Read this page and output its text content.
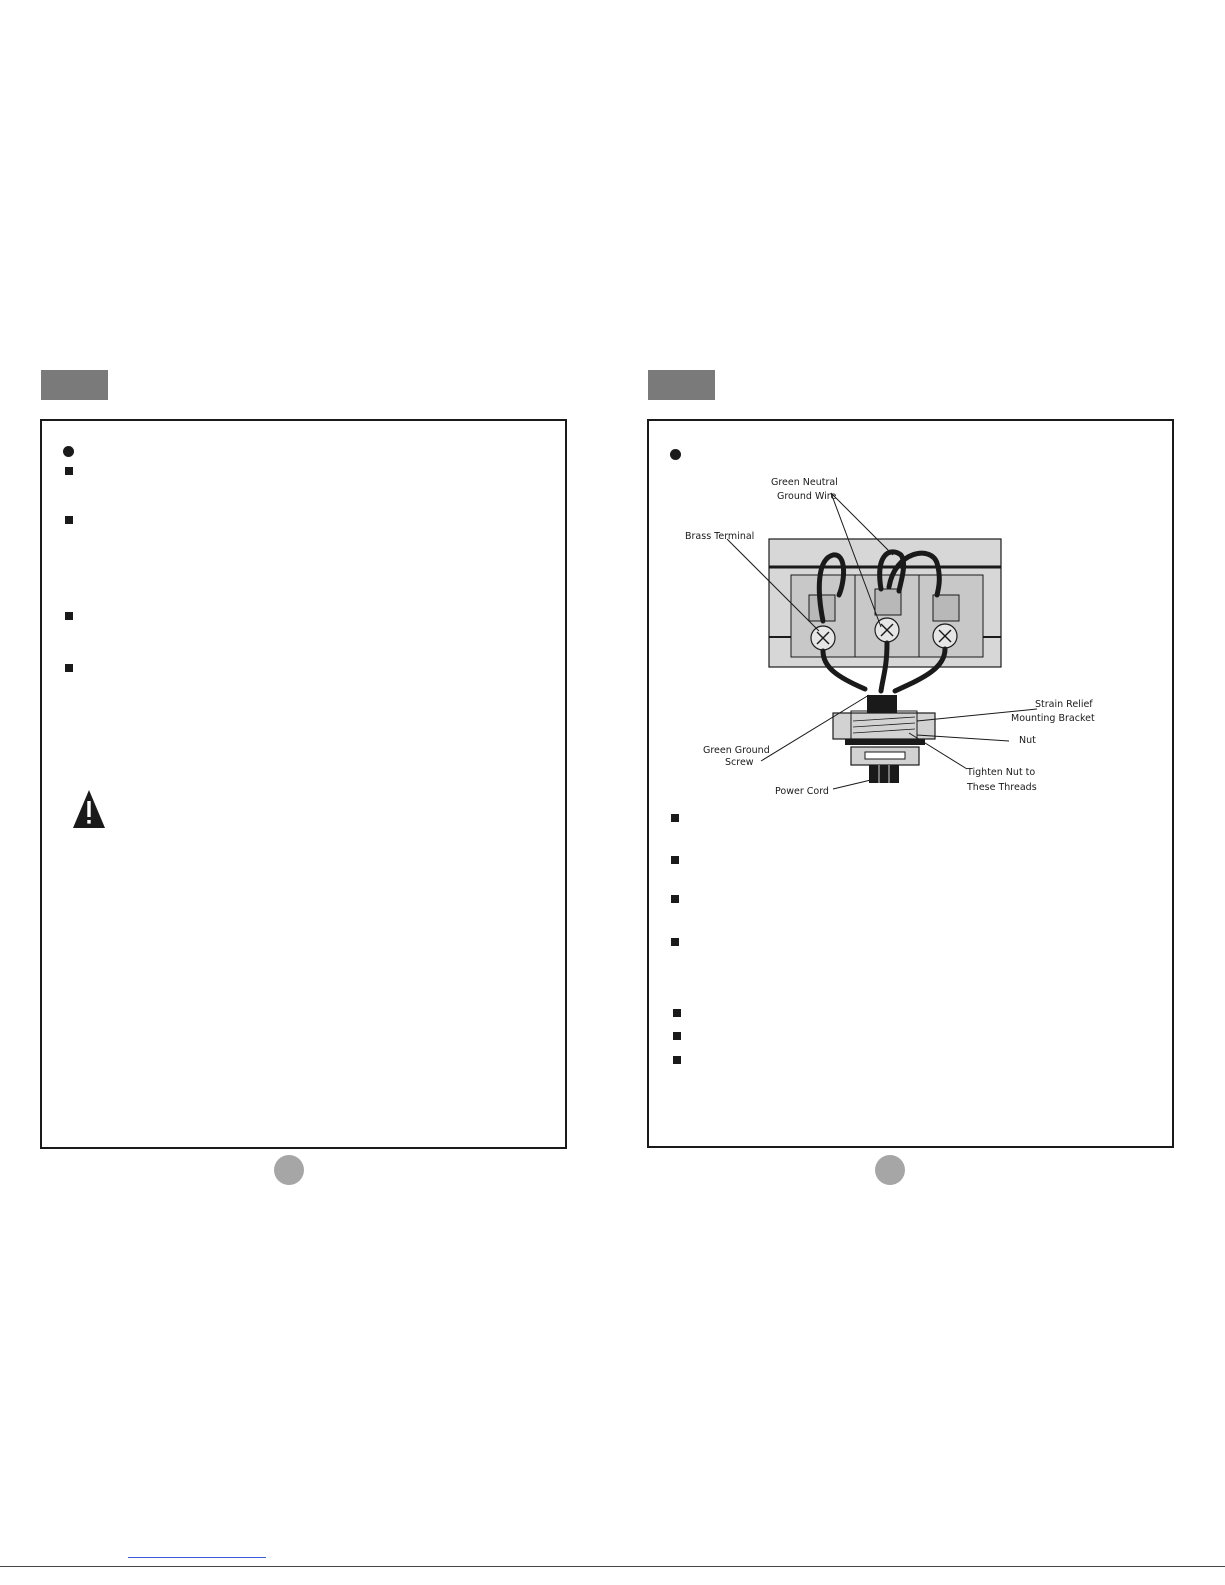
Green Neutral
Ground Wire
Brass Terminal
Strain Relief
Mounting Bracket
Nut
Green Ground
Screw
Tighten Nut to
These Threads
Power Cord
